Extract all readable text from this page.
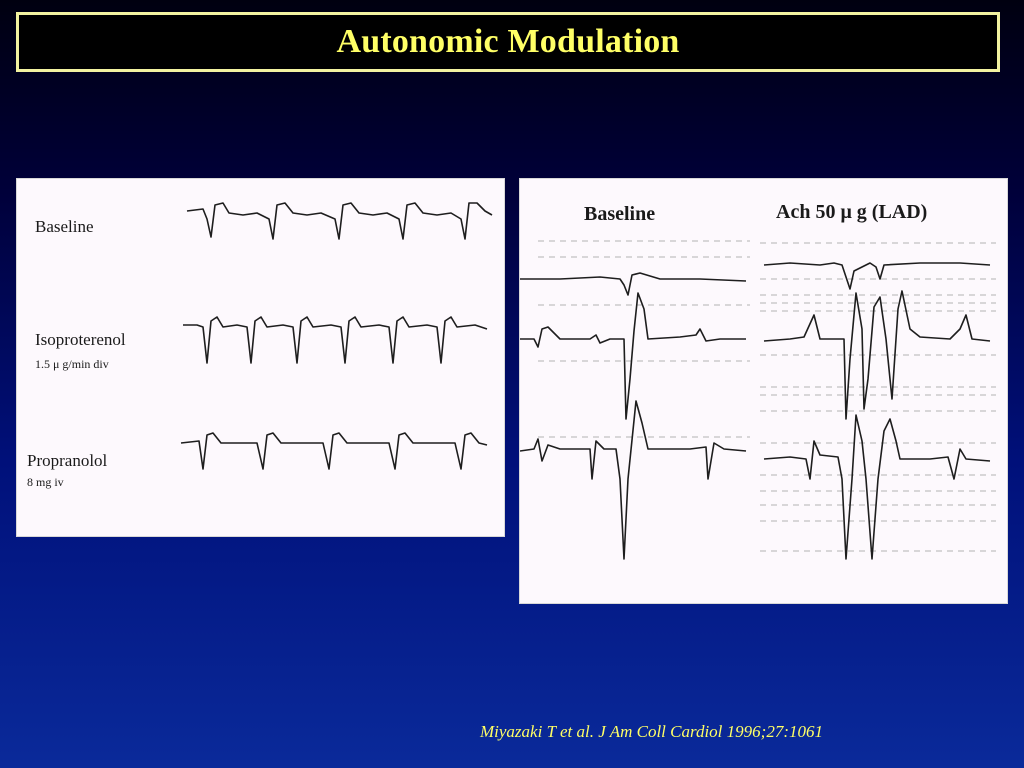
Autonomic Modulation
Baseline
Isoproterenol
1.5 μ g/min div
Propranolol
8 mg iv
Baseline	Ach 50 μ g (LAD)
Miyazaki T et al. J Am Coll Cardiol 1996;27:1061
